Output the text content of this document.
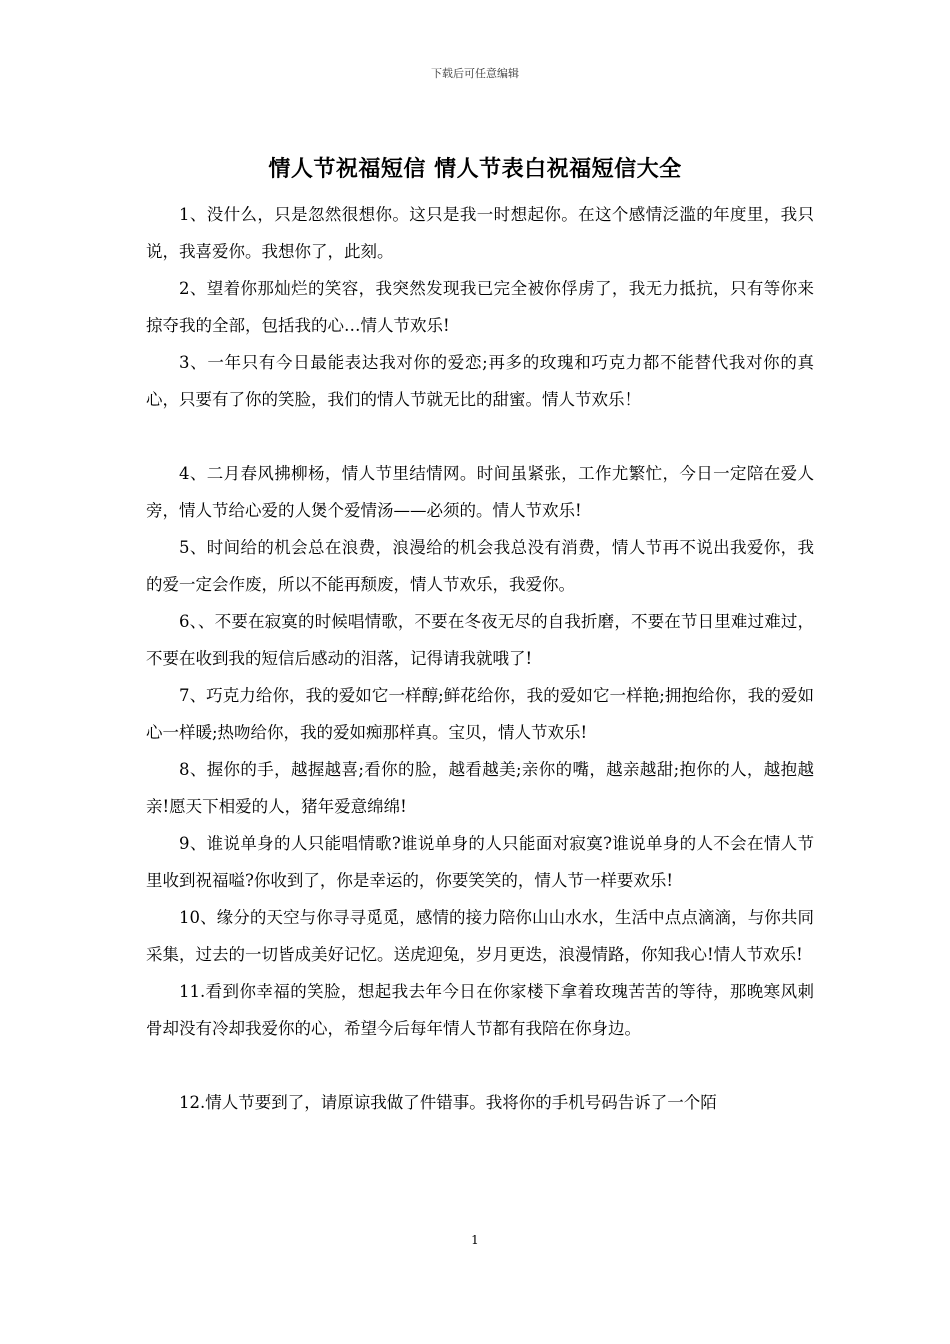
下载后可任意编辑
情人节祝福短信 情人节表白祝福短信大全

1、没什么，只是忽然很想你。这只是我一时想起你。在这个感情泛滥的年度里，我只说，我喜爱你。我想你了，此刻。

2、望着你那灿烂的笑容，我突然发现我已完全被你俘虏了，我无力抵抗，只有等你来掠夺我的全部，包括我的心…情人节欢乐!

3、一年只有今日最能表达我对你的爱恋;再多的玫瑰和巧克力都不能替代我对你的真心，只要有了你的笑脸，我们的情人节就无比的甜蜜。情人节欢乐！

4、二月春风拂柳杨，情人节里结情网。时间虽紧张，工作尤繁忙，今日一定陪在爱人旁，情人节给心爱的人煲个爱情汤——必须的。情人节欢乐!

5、时间给的机会总在浪费，浪漫给的机会我总没有消费，情人节再不说出我爱你，我的爱一定会作废，所以不能再颓废，情人节欢乐，我爱你。

6、、不要在寂寞的时候唱情歌，不要在冬夜无尽的自我折磨，不要在节日里难过难过，不要在收到我的短信后感动的泪落，记得请我就哦了!

7、巧克力给你，我的爱如它一样醇;鲜花给你，我的爱如它一样艳;拥抱给你，我的爱如心一样暖;热吻给你，我的爱如痴那样真。宝贝，情人节欢乐!

8、握你的手，越握越喜;看你的脸，越看越美;亲你的嘴，越亲越甜;抱你的人，越抱越亲!愿天下相爱的人，猪年爱意绵绵!

9、谁说单身的人只能唱情歌?谁说单身的人只能面对寂寞?谁说单身的人不会在情人节里收到祝福嗌?你收到了，你是幸运的，你要笑笑的，情人节一样要欢乐!

10、缘分的天空与你寻寻觅觅，感情的接力陪你山山水水，生活中点点滴滴，与你共同采集，过去的一切皆成美好记忆。送虎迎兔，岁月更迭，浪漫情路，你知我心!情人节欢乐!

11.看到你幸福的笑脸，想起我去年今日在你家楼下拿着玫瑰苦苦的等待，那晚寒风刺骨却没有冷却我爱你的心，希望今后每年情人节都有我陪在你身边。

12.情人节要到了，请原谅我做了件错事。我将你的手机号码告诉了一个陌

1
